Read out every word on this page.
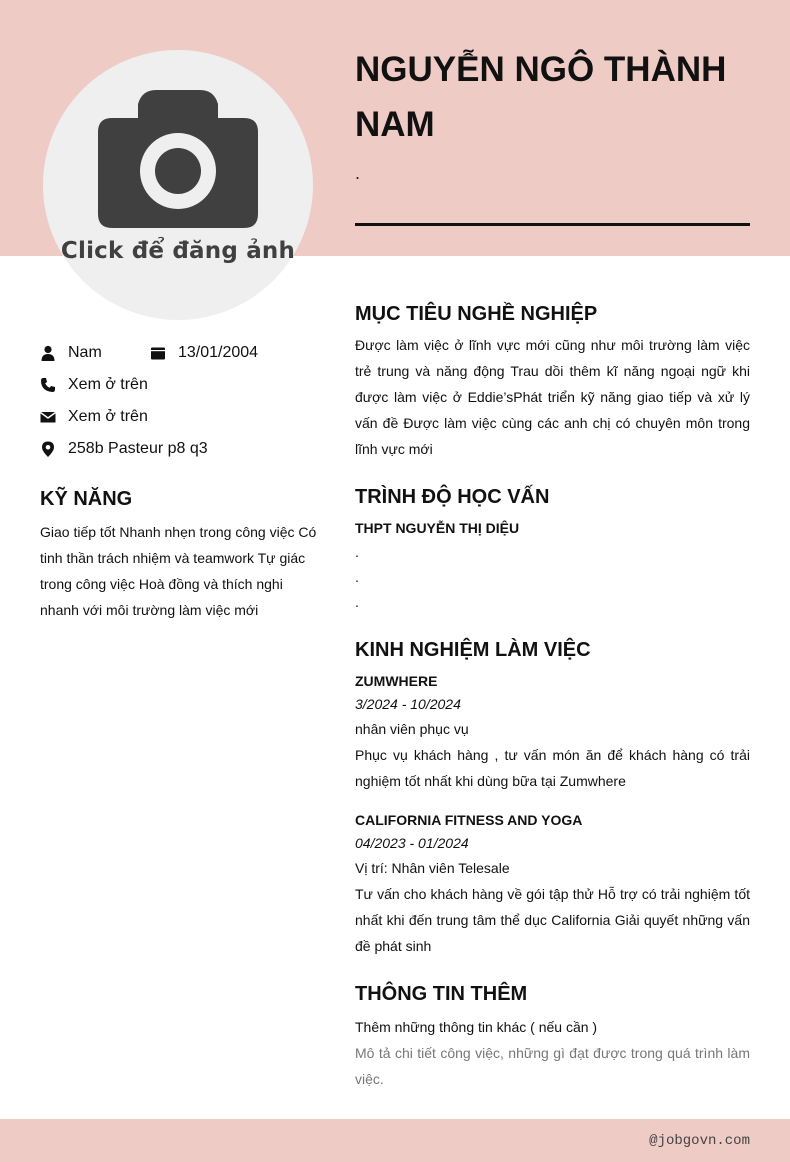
Click để đăng ảnh
NGUYỄN NGÔ THÀNH NAM
.
Nam	13/01/2004
Xem ở trên
Xem ở trên
258b Pasteur p8 q3
KỸ NĂNG
Giao tiếp tốt Nhanh nhẹn trong công việc Có tinh thần trách nhiệm và teamwork Tự giác trong công việc Hoà đồng và thích nghi nhanh với môi trường làm việc mới
MỤC TIÊU NGHỀ NGHIỆP
Được làm việc ở lĩnh vực mới cũng như môi trường làm việc trẻ trung và năng động Trau dồi thêm kĩ năng ngoại ngữ khi được làm việc ở Eddie’sPhát triển kỹ năng giao tiếp và xử lý vấn đề Được làm việc cùng các anh chị có chuyên môn trong lĩnh vực mới
TRÌNH ĐỘ HỌC VẤN
THPT NGUYỄN THỊ DIỆU
.
.
.
KINH NGHIỆM LÀM VIỆC
ZUMWHERE
3/2024 - 10/2024
nhân viên phục vụ
Phục vụ khách hàng , tư vấn món ăn để khách hàng có trải nghiệm tốt nhất khi dùng bữa tại Zumwhere
CALIFORNIA FITNESS AND YOGA
04/2023 - 01/2024
Vị trí: Nhân viên Telesale
Tư vấn cho khách hàng về gói tập thử Hỗ trợ có trải nghiệm tốt nhất khi đến trung tâm thể dục California Giải quyết những vấn đề phát sinh
THÔNG TIN THÊM
Thêm những thông tin khác ( nếu cần )
Mô tả chi tiết công việc, những gì đạt được trong quá trình làm việc.
@jobgovn.com
